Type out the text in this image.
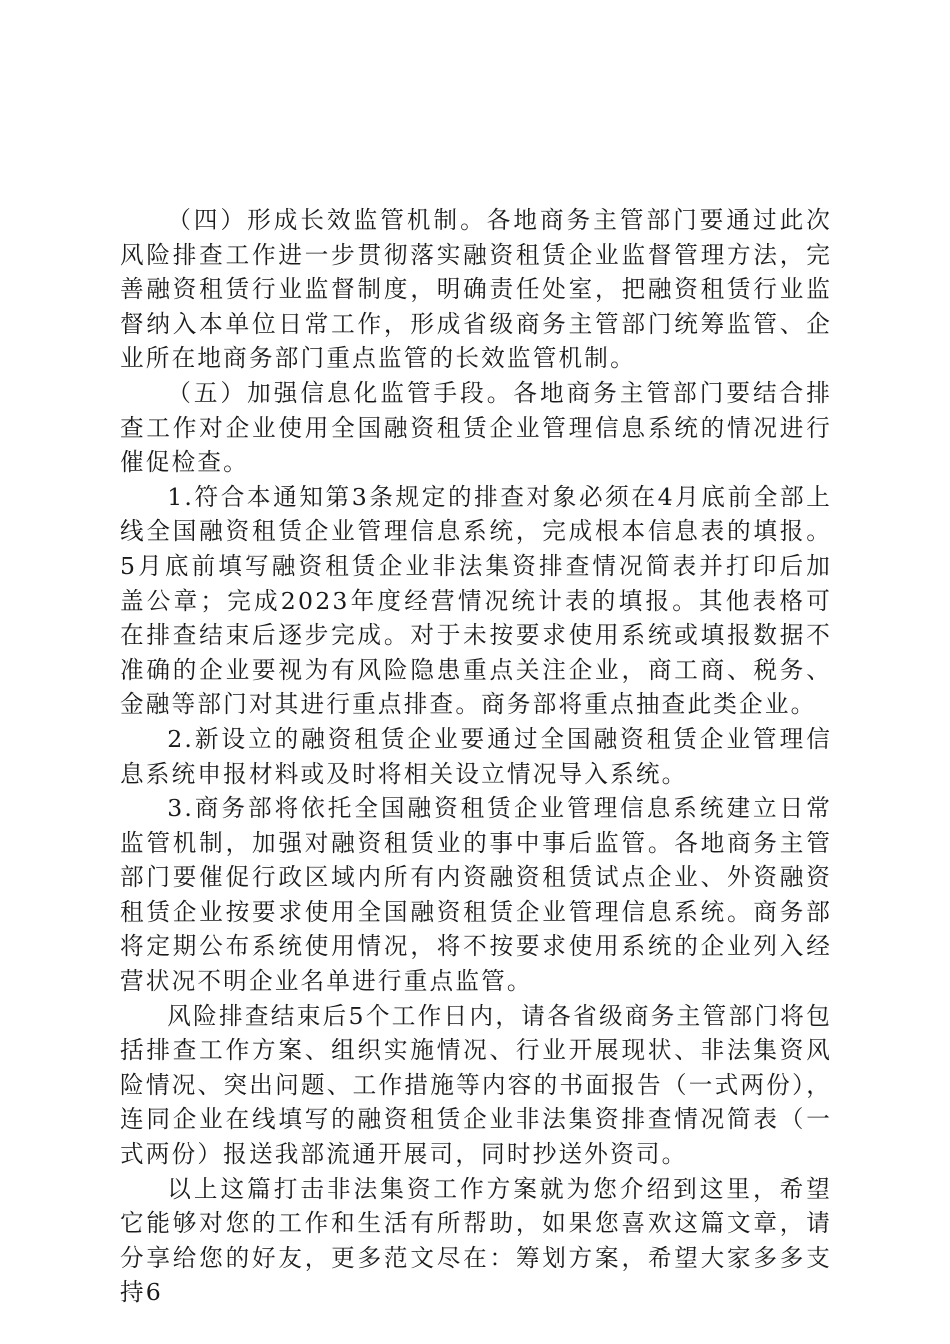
（四）形成长效监管机制。各地商务主管部门要通过此次风险排查工作进一步贯彻落实融资租赁企业监督管理方法，完善融资租赁行业监督制度，明确责任处室，把融资租赁行业监督纳入本单位日常工作，形成省级商务主管部门统筹监管、企业所在地商务部门重点监管的长效监管机制。

（五）加强信息化监管手段。各地商务主管部门要结合排查工作对企业使用全国融资租赁企业管理信息系统的情况进行催促检查。

1.符合本通知第3条规定的排查对象必须在4月底前全部上线全国融资租赁企业管理信息系统，完成根本信息表的填报。5月底前填写融资租赁企业非法集资排查情况简表并打印后加盖公章；完成2023年度经营情况统计表的填报。其他表格可在排查结束后逐步完成。对于未按要求使用系统或填报数据不准确的企业要视为有风险隐患重点关注企业，商工商、税务、金融等部门对其进行重点排查。商务部将重点抽查此类企业。

2.新设立的融资租赁企业要通过全国融资租赁企业管理信息系统申报材料或及时将相关设立情况导入系统。

3.商务部将依托全国融资租赁企业管理信息系统建立日常监管机制，加强对融资租赁业的事中事后监管。各地商务主管部门要催促行政区域内所有内资融资租赁试点企业、外资融资租赁企业按要求使用全国融资租赁企业管理信息系统。商务部将定期公布系统使用情况，将不按要求使用系统的企业列入经营状况不明企业名单进行重点监管。

风险排查结束后5个工作日内，请各省级商务主管部门将包括排查工作方案、组织实施情况、行业开展现状、非法集资风险情况、突出问题、工作措施等内容的书面报告（一式两份），连同企业在线填写的融资租赁企业非法集资排查情况简表（一式两份）报送我部流通开展司，同时抄送外资司。

以上这篇打击非法集资工作方案就为您介绍到这里，希望它能够对您的工作和生活有所帮助，如果您喜欢这篇文章，请分享给您的好友，更多范文尽在：筹划方案，希望大家多多支持6
